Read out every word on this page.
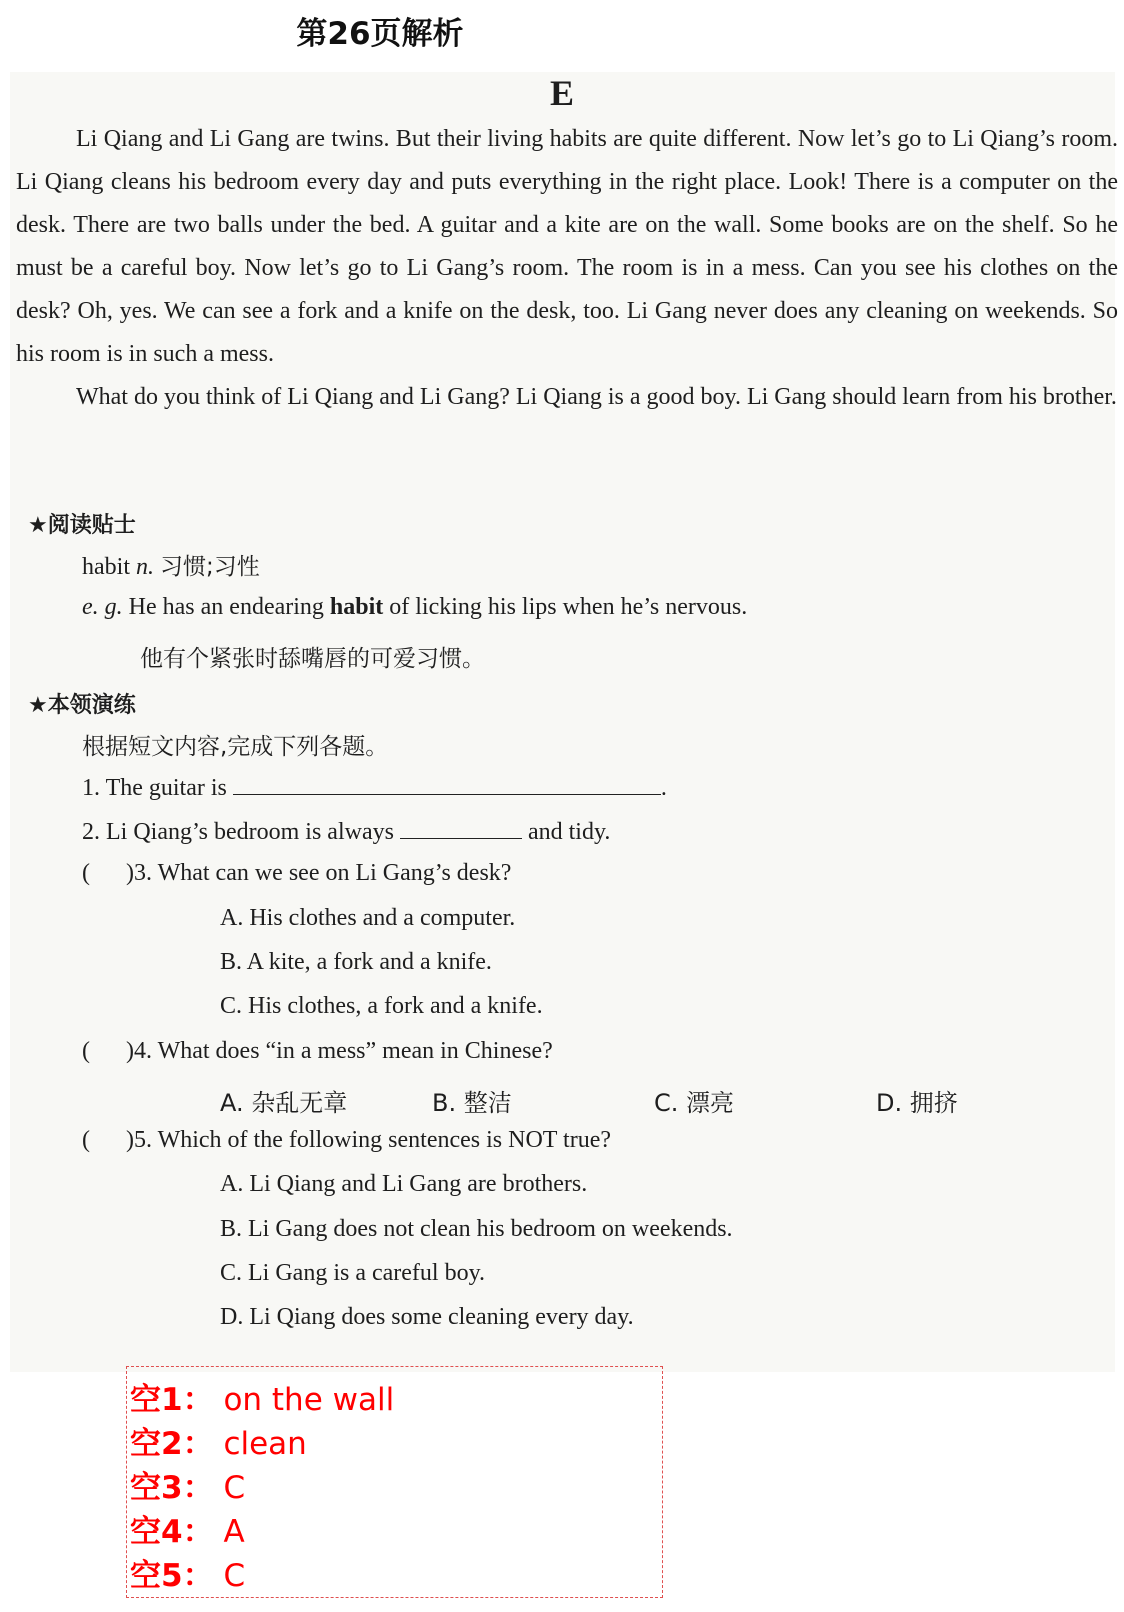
第26页解析
E

Li Qiang and Li Gang are twins. But their living habits are quite different. Now let’s go to Li Qiang’s room. Li Qiang cleans his bedroom every day and puts everything in the right place. Look! There is a computer on the desk. There are two balls under the bed. A guitar and a kite are on the wall. Some books are on the shelf. So he must be a careful boy. Now let’s go to Li Gang’s room. The room is in a mess. Can you see his clothes on the desk? Oh, yes. We can see a fork and a knife on the desk, too. Li Gang never does any cleaning on weekends. So his room is in such a mess.

What do you think of Li Qiang and Li Gang? Li Qiang is a good boy. Li Gang should learn from his brother.

★阅读贴士
habit n. 习惯;习性
e. g. He has an endearing habit of licking his lips when he’s nervous.
他有个紧张时舔嘴唇的可爱习惯。
★本领演练
根据短文内容,完成下列各题。
1. The guitar is	.
2. Li Qiang’s bedroom is always	and tidy.
(      )3. What can we see on Li Gang’s desk?
A. His clothes and a computer.
B. A kite, a fork and a knife.
C. His clothes, a fork and a knife.
(      )4. What does “in a mess” mean in Chinese?
A. 杂乱无章	B. 整洁	C. 漂亮	D. 拥挤
(      )5. Which of the following sentences is NOT true?
A. Li Qiang and Li Gang are brothers.
B. Li Gang does not clean his bedroom on weekends.
C. Li Gang is a careful boy.
D. Li Qiang does some cleaning every day.
空1： on the wall
空2： clean
空3： C
空4： A
空5： C
